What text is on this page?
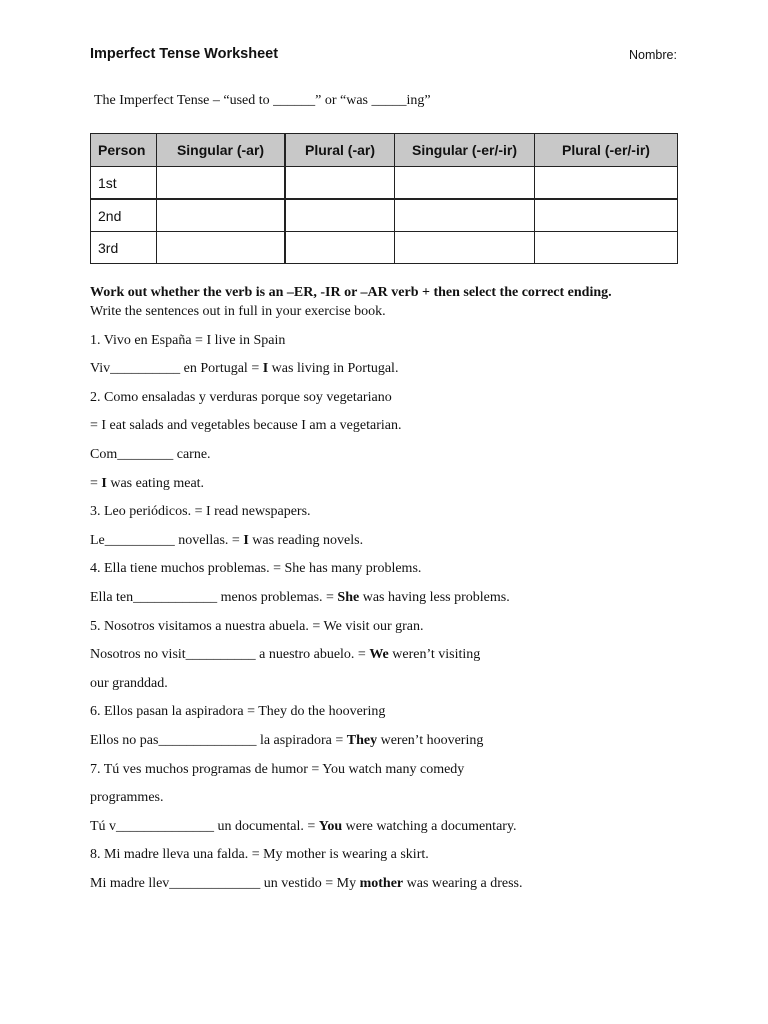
Imperfect Tense Worksheet	Nombre:
The Imperfect Tense – “used to ______” or “was _____ing”
Person	Singular (-ar)	Plural (-ar)	Singular (-er/-ir)	Plural (-er/-ir)
1st				
2nd				
3rd				
Work out whether the verb is an –ER, -IR or –AR verb + then select the correct ending.
Write the sentences out in full in your exercise book.
1. Vivo en España = I live in Spain
Viv__________ en Portugal = I was living in Portugal.
2. Como ensaladas y verduras porque soy vegetariano
= I eat salads and vegetables because I am a vegetarian.
Com________ carne.
= I was eating meat.
3. Leo periódicos. = I read newspapers.
Le__________ novellas. = I was reading novels.
4. Ella tiene muchos problemas. = She has many problems.
Ella ten____________ menos problemas. = She was having less problems.
5. Nosotros visitamos a nuestra abuela. = We visit our gran.
Nosotros no visit__________ a nuestro abuelo. = We weren’t visiting
our granddad.
6. Ellos pasan la aspiradora = They do the hoovering
Ellos no pas______________ la aspiradora = They weren’t hoovering
7. Tú ves muchos programas de humor = You watch many comedy
programmes.
Tú v______________ un documental. = You were watching a documentary.
8. Mi madre lleva una falda. = My mother is wearing a skirt.
Mi madre llev_____________ un vestido = My mother was wearing a dress.
